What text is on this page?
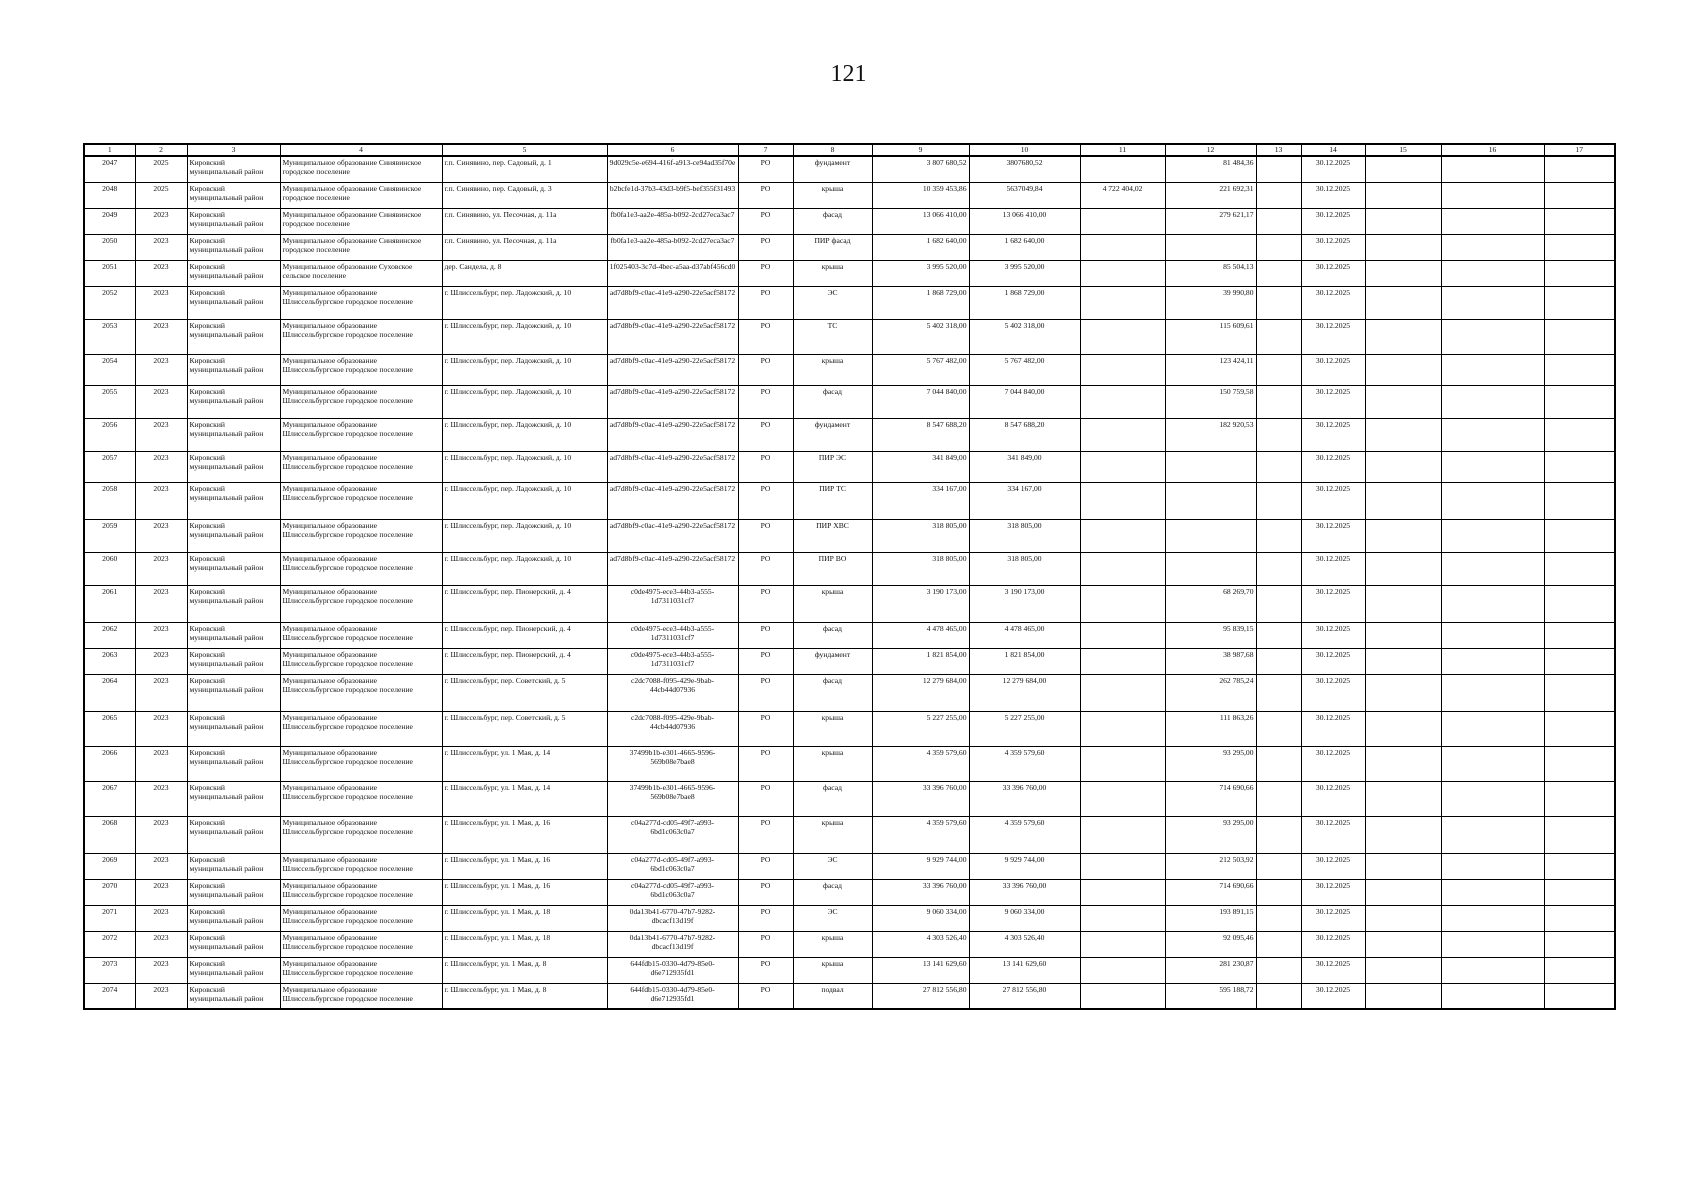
121
1	2	3	4	5	6	7	8	9	10	11	12	13	14	15	16	17
2047	2025	Кировский муниципальный район	Муниципальное образование Синявинское городское поселение	г.п. Синявино, пер. Садовый, д. 1	9d029c5e-e694-416f-a913-ce94ad35f70e	РО	фундамент	3 807 680,52	3807680,52		81 484,36		30.12.2025			
2048	2025	Кировский муниципальный район	Муниципальное образование Синявинское городское поселение	г.п. Синявино, пер. Садовый, д. 3	b2bcfe1d-37b3-43d3-b9f5-bef355f31493	РО	крыша	10 359 453,86	5637049,84	4 722 404,02	221 692,31		30.12.2025			
2049	2023	Кировский муниципальный район	Муниципальное образование Синявинское городское поселение	г.п. Синявино, ул. Песочная, д. 11а	fb0fa1e3-aa2e-485a-b092-2cd27eca3ac7	РО	фасад	13 066 410,00	13 066 410,00		279 621,17		30.12.2025			
2050	2023	Кировский муниципальный район	Муниципальное образование Синявинское городское поселение	г.п. Синявино, ул. Песочная, д. 11а	fb0fa1e3-aa2e-485a-b092-2cd27eca3ac7	РО	ПИР фасад	1 682 640,00	1 682 640,00				30.12.2025			
2051	2023	Кировский муниципальный район	Муниципальное образование Суховское сельское поселение	дер. Сандела, д. 8	1f025403-3c7d-4bec-a5aa-d37abf456cd0	РО	крыша	3 995 520,00	3 995 520,00		85 504,13		30.12.2025			
2052	2023	Кировский муниципальный район	Муниципальное образование Шлиссельбургское городское поселение	г. Шлиссельбург, пер. Ладожский, д. 10	ad7d8bf9-c0ac-41e9-a290-22e5acf58172	РО	ЭС	1 868 729,00	1 868 729,00		39 990,80		30.12.2025			
2053	2023	Кировский муниципальный район	Муниципальное образование Шлиссельбургское городское поселение	г. Шлиссельбург, пер. Ладожский, д. 10	ad7d8bf9-c0ac-41e9-a290-22e5acf58172	РО	ТС	5 402 318,00	5 402 318,00		115 609,61		30.12.2025			
2054	2023	Кировский муниципальный район	Муниципальное образование Шлиссельбургское городское поселение	г. Шлиссельбург, пер. Ладожский, д. 10	ad7d8bf9-c0ac-41e9-a290-22e5acf58172	РО	крыша	5 767 482,00	5 767 482,00		123 424,11		30.12.2025			
2055	2023	Кировский муниципальный район	Муниципальное образование Шлиссельбургское городское поселение	г. Шлиссельбург, пер. Ладожский, д. 10	ad7d8bf9-c0ac-41e9-a290-22e5acf58172	РО	фасад	7 044 840,00	7 044 840,00		150 759,58		30.12.2025			
2056	2023	Кировский муниципальный район	Муниципальное образование Шлиссельбургское городское поселение	г. Шлиссельбург, пер. Ладожский, д. 10	ad7d8bf9-c0ac-41e9-a290-22e5acf58172	РО	фундамент	8 547 688,20	8 547 688,20		182 920,53		30.12.2025			
2057	2023	Кировский муниципальный район	Муниципальное образование Шлиссельбургское городское поселение	г. Шлиссельбург, пер. Ладожский, д. 10	ad7d8bf9-c0ac-41e9-a290-22e5acf58172	РО	ПИР ЭС	341 849,00	341 849,00				30.12.2025			
2058	2023	Кировский муниципальный район	Муниципальное образование Шлиссельбургское городское поселение	г. Шлиссельбург, пер. Ладожский, д. 10	ad7d8bf9-c0ac-41e9-a290-22e5acf58172	РО	ПИР ТС	334 167,00	334 167,00				30.12.2025			
2059	2023	Кировский муниципальный район	Муниципальное образование Шлиссельбургское городское поселение	г. Шлиссельбург, пер. Ладожский, д. 10	ad7d8bf9-c0ac-41e9-a290-22e5acf58172	РО	ПИР ХВС	318 805,00	318 805,00				30.12.2025			
2060	2023	Кировский муниципальный район	Муниципальное образование Шлиссельбургское городское поселение	г. Шлиссельбург, пер. Ладожский, д. 10	ad7d8bf9-c0ac-41e9-a290-22e5acf58172	РО	ПИР ВО	318 805,00	318 805,00				30.12.2025			
2061	2023	Кировский муниципальный район	Муниципальное образование Шлиссельбургское городское поселение	г. Шлиссельбург, пер. Пионерский, д. 4	c0de4975-ece3-44b3-a555-1d7311031cf7	РО	крыша	3 190 173,00	3 190 173,00		68 269,70		30.12.2025			
2062	2023	Кировский муниципальный район	Муниципальное образование Шлиссельбургское городское поселение	г. Шлиссельбург, пер. Пионерский, д. 4	c0de4975-ece3-44b3-a555-1d7311031cf7	РО	фасад	4 478 465,00	4 478 465,00		95 839,15		30.12.2025			
2063	2023	Кировский муниципальный район	Муниципальное образование Шлиссельбургское городское поселение	г. Шлиссельбург, пер. Пионерский, д. 4	c0de4975-ece3-44b3-a555-1d7311031cf7	РО	фундамент	1 821 854,00	1 821 854,00		38 987,68		30.12.2025			
2064	2023	Кировский муниципальный район	Муниципальное образование Шлиссельбургское городское поселение	г. Шлиссельбург, пер. Советский, д. 5	c2dc7088-f095-429e-9bab-44cb44d07936	РО	фасад	12 279 684,00	12 279 684,00		262 785,24		30.12.2025			
2065	2023	Кировский муниципальный район	Муниципальное образование Шлиссельбургское городское поселение	г. Шлиссельбург, пер. Советский, д. 5	c2dc7088-f095-429e-9bab-44cb44d07936	РО	крыша	5 227 255,00	5 227 255,00		111 863,26		30.12.2025			
2066	2023	Кировский муниципальный район	Муниципальное образование Шлиссельбургское городское поселение	г. Шлиссельбург, ул. 1 Мая, д. 14	37499b1b-e301-4665-9596-569b08e7bae8	РО	крыша	4 359 579,60	4 359 579,60		93 295,00		30.12.2025			
2067	2023	Кировский муниципальный район	Муниципальное образование Шлиссельбургское городское поселение	г. Шлиссельбург, ул. 1 Мая, д. 14	37499b1b-e301-4665-9596-569b08e7bae8	РО	фасад	33 396 760,00	33 396 760,00		714 690,66		30.12.2025			
2068	2023	Кировский муниципальный район	Муниципальное образование Шлиссельбургское городское поселение	г. Шлиссельбург, ул. 1 Мая, д. 16	c04a277d-cd05-49f7-a993-6bd1c063c0a7	РО	крыша	4 359 579,60	4 359 579,60		93 295,00		30.12.2025			
2069	2023	Кировский муниципальный район	Муниципальное образование Шлиссельбургское городское поселение	г. Шлиссельбург, ул. 1 Мая, д. 16	c04a277d-cd05-49f7-a993-6bd1c063c0a7	РО	ЭС	9 929 744,00	9 929 744,00		212 503,92		30.12.2025			
2070	2023	Кировский муниципальный район	Муниципальное образование Шлиссельбургское городское поселение	г. Шлиссельбург, ул. 1 Мая, д. 16	c04a277d-cd05-49f7-a993-6bd1c063c0a7	РО	фасад	33 396 760,00	33 396 760,00		714 690,66		30.12.2025			
2071	2023	Кировский муниципальный район	Муниципальное образование Шлиссельбургское городское поселение	г. Шлиссельбург, ул. 1 Мая, д. 18	0da13b41-6770-47b7-9282-dbcacf13d19f	РО	ЭС	9 060 334,00	9 060 334,00		193 891,15		30.12.2025			
2072	2023	Кировский муниципальный район	Муниципальное образование Шлиссельбургское городское поселение	г. Шлиссельбург, ул. 1 Мая, д. 18	0da13b41-6770-47b7-9282-dbcacf13d19f	РО	крыша	4 303 526,40	4 303 526,40		92 095,46		30.12.2025			
2073	2023	Кировский муниципальный район	Муниципальное образование Шлиссельбургское городское поселение	г. Шлиссельбург, ул. 1 Мая, д. 8	644fdb15-0330-4d79-85e0-d6e712935fd1	РО	крыша	13 141 629,60	13 141 629,60		281 230,87		30.12.2025			
2074	2023	Кировский муниципальный район	Муниципальное образование Шлиссельбургское городское поселение	г. Шлиссельбург, ул. 1 Мая, д. 8	644fdb15-0330-4d79-85e0-d6e712935fd1	РО	подвал	27 812 556,80	27 812 556,80		595 188,72		30.12.2025			
